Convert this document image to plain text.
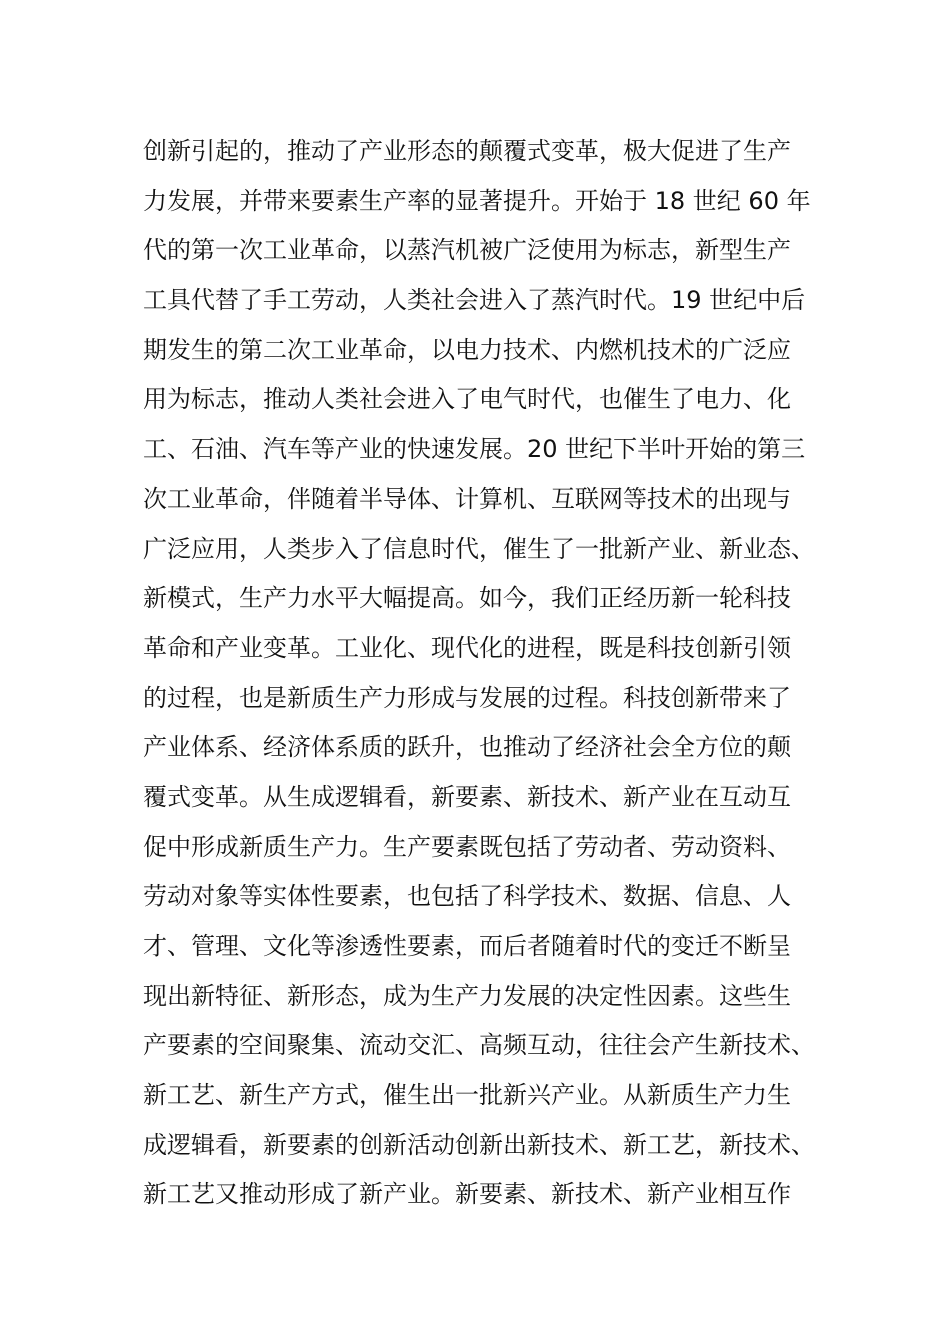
创新引起的，推动了产业形态的颠覆式变革，极大促进了生产
力发展，并带来要素生产率的显著提升。开始于 18 世纪 60 年
代的第一次工业革命，以蒸汽机被广泛使用为标志，新型生产
工具代替了手工劳动，人类社会进入了蒸汽时代。19 世纪中后
期发生的第二次工业革命，以电力技术、内燃机技术的广泛应
用为标志，推动人类社会进入了电气时代，也催生了电力、化
工、石油、汽车等产业的快速发展。20 世纪下半叶开始的第三
次工业革命，伴随着半导体、计算机、互联网等技术的出现与
广泛应用，人类步入了信息时代，催生了一批新产业、新业态、
新模式，生产力水平大幅提高。如今，我们正经历新一轮科技
革命和产业变革。工业化、现代化的进程，既是科技创新引领
的过程，也是新质生产力形成与发展的过程。科技创新带来了
产业体系、经济体系质的跃升，也推动了经济社会全方位的颠
覆式变革。从生成逻辑看，新要素、新技术、新产业在互动互
促中形成新质生产力。生产要素既包括了劳动者、劳动资料、
劳动对象等实体性要素，也包括了科学技术、数据、信息、人
才、管理、文化等渗透性要素，而后者随着时代的变迁不断呈
现出新特征、新形态，成为生产力发展的决定性因素。这些生
产要素的空间聚集、流动交汇、高频互动，往往会产生新技术、
新工艺、新生产方式，催生出一批新兴产业。从新质生产力生
成逻辑看，新要素的创新活动创新出新技术、新工艺，新技术、
新工艺又推动形成了新产业。新要素、新技术、新产业相互作
